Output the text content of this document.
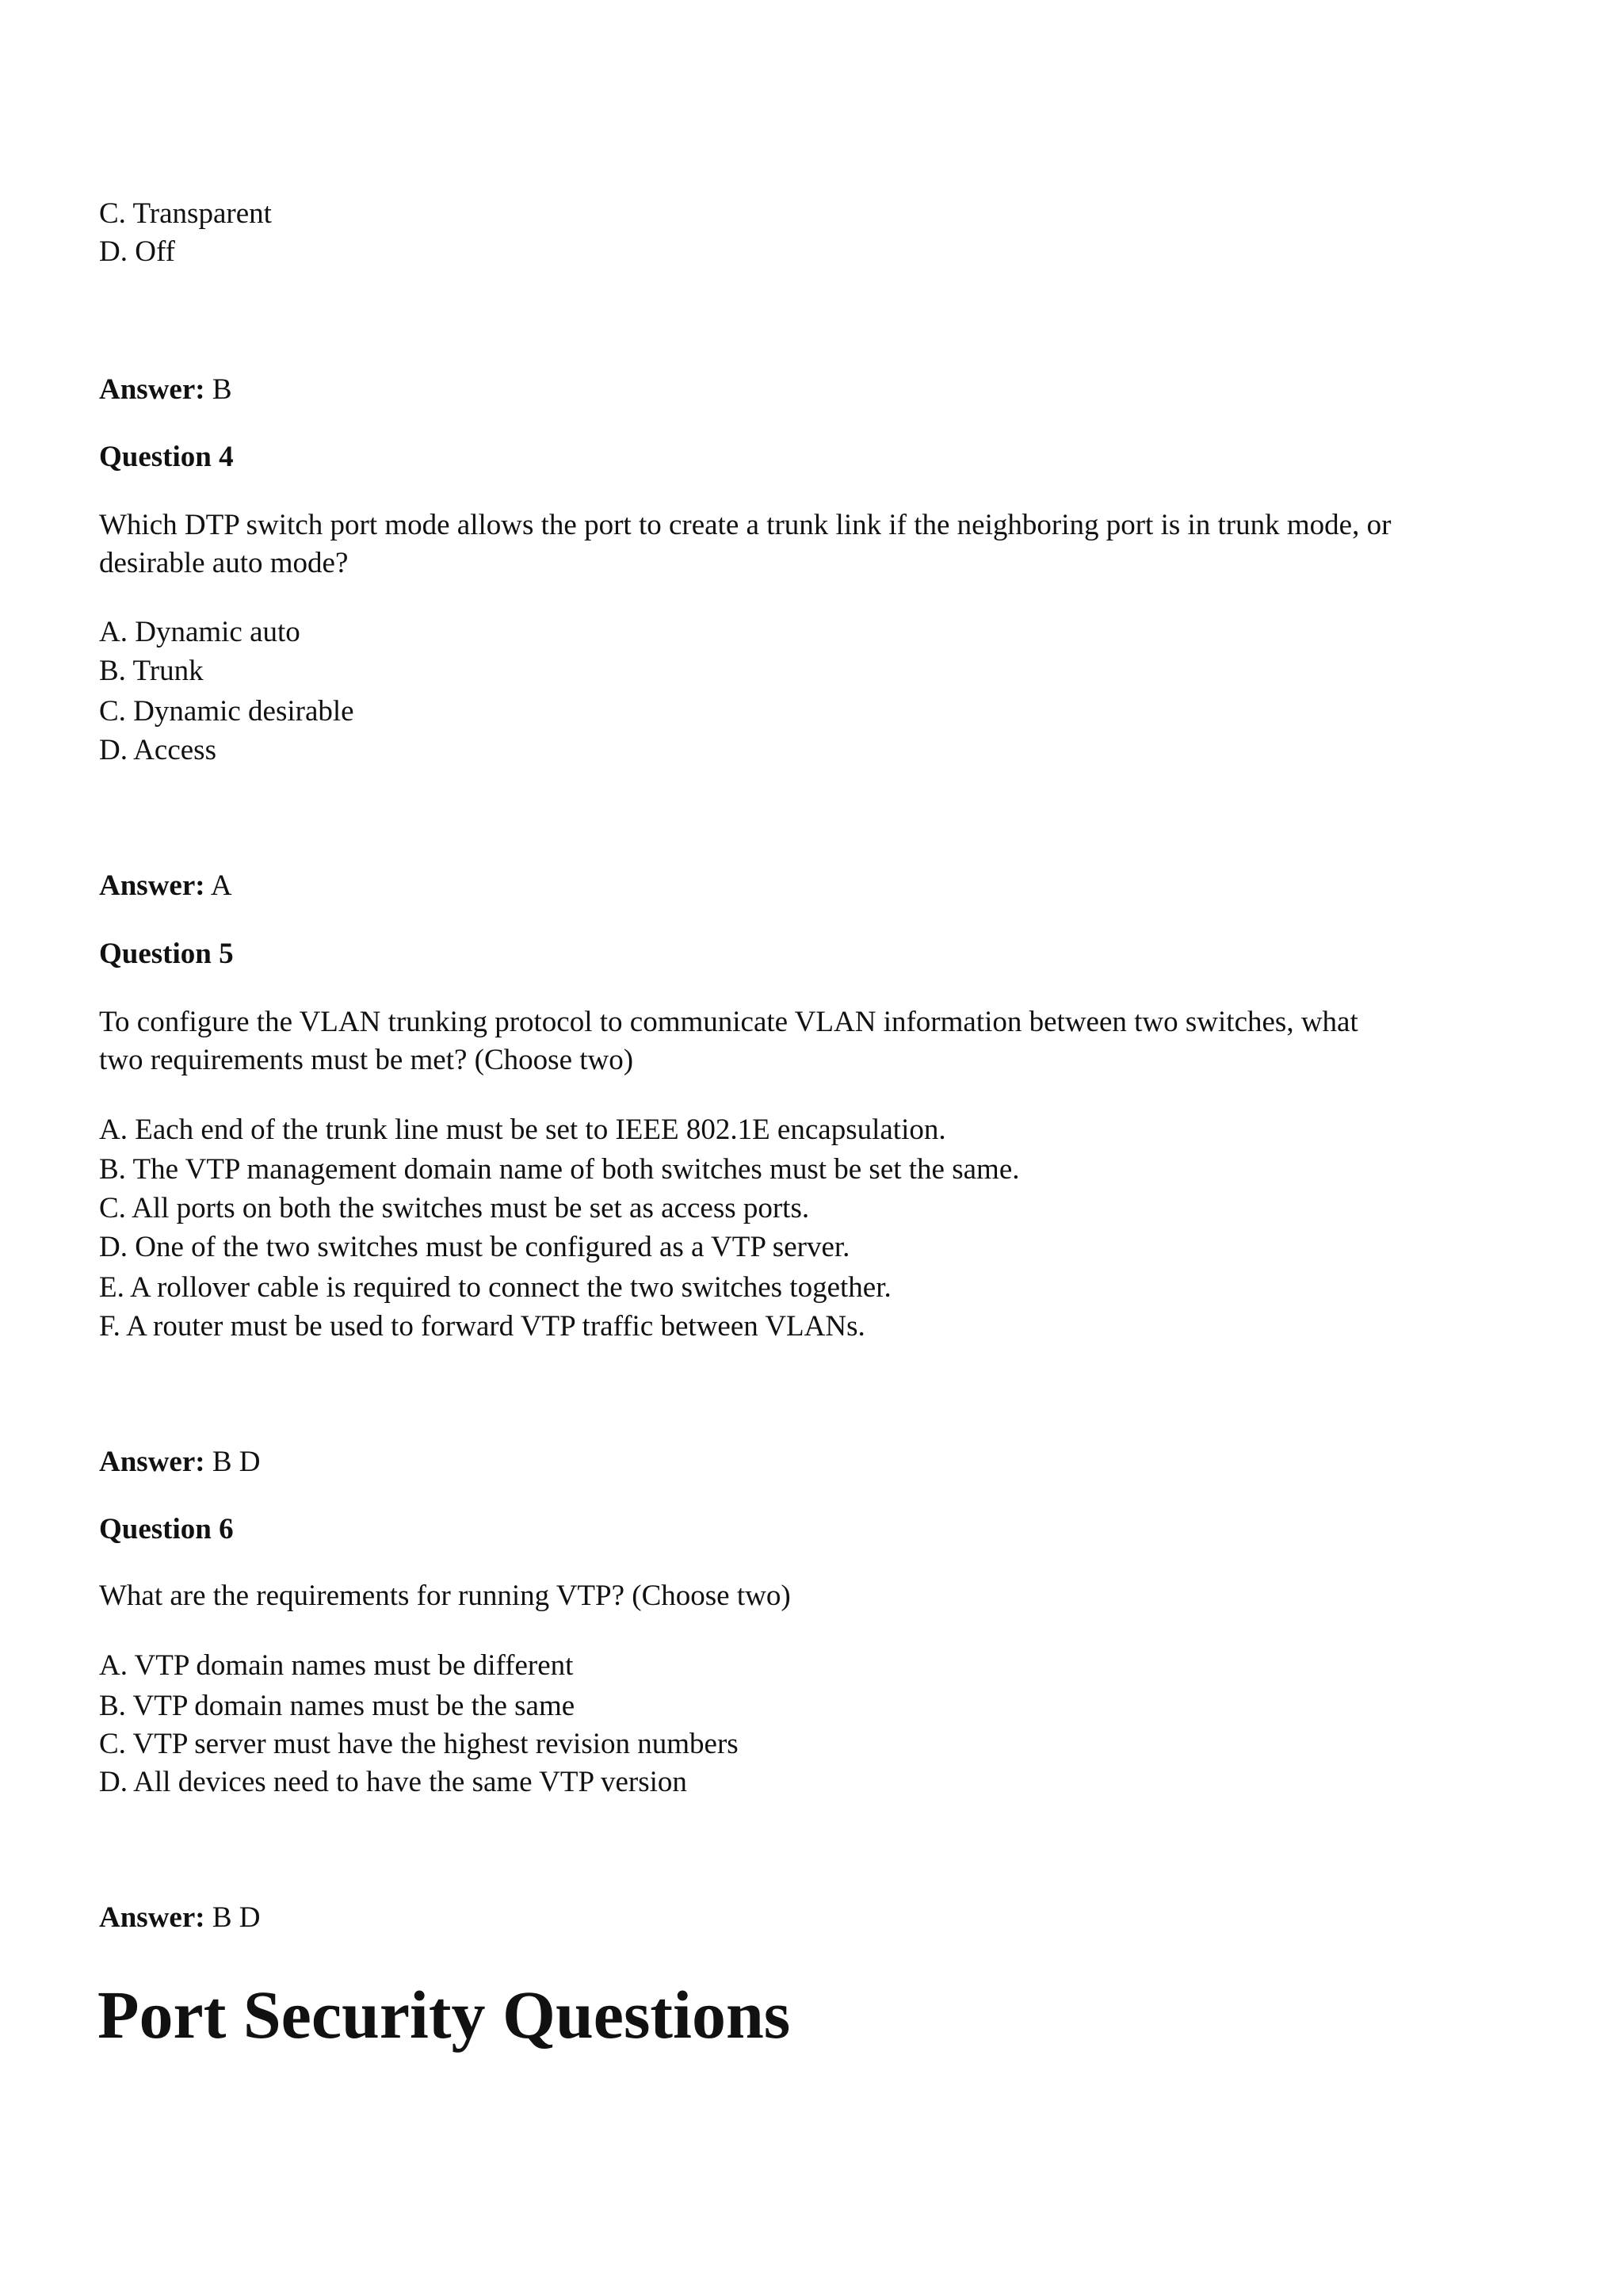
C. Transparent

D. Off

Answer: B

Question 4

Which DTP switch port mode allows the port to create a trunk link if the neighboring port is in trunk mode, or

desirable auto mode?

A. Dynamic auto

B. Trunk

C. Dynamic desirable

D. Access

Answer: A

Question 5

To configure the VLAN trunking protocol to communicate VLAN information between two switches, what

two requirements must be met? (Choose two)

A. Each end of the trunk line must be set to IEEE 802.1E encapsulation.

B. The VTP management domain name of both switches must be set the same.

C. All ports on both the switches must be set as access ports.

D. One of the two switches must be configured as a VTP server.

E. A rollover cable is required to connect the two switches together.

F. A router must be used to forward VTP traffic between VLANs.

Answer: B D

Question 6

What are the requirements for running VTP? (Choose two)

A. VTP domain names must be different

B. VTP domain names must be the same

C. VTP server must have the highest revision numbers

D. All devices need to have the same VTP version

Answer: B D

Port Security Questions
